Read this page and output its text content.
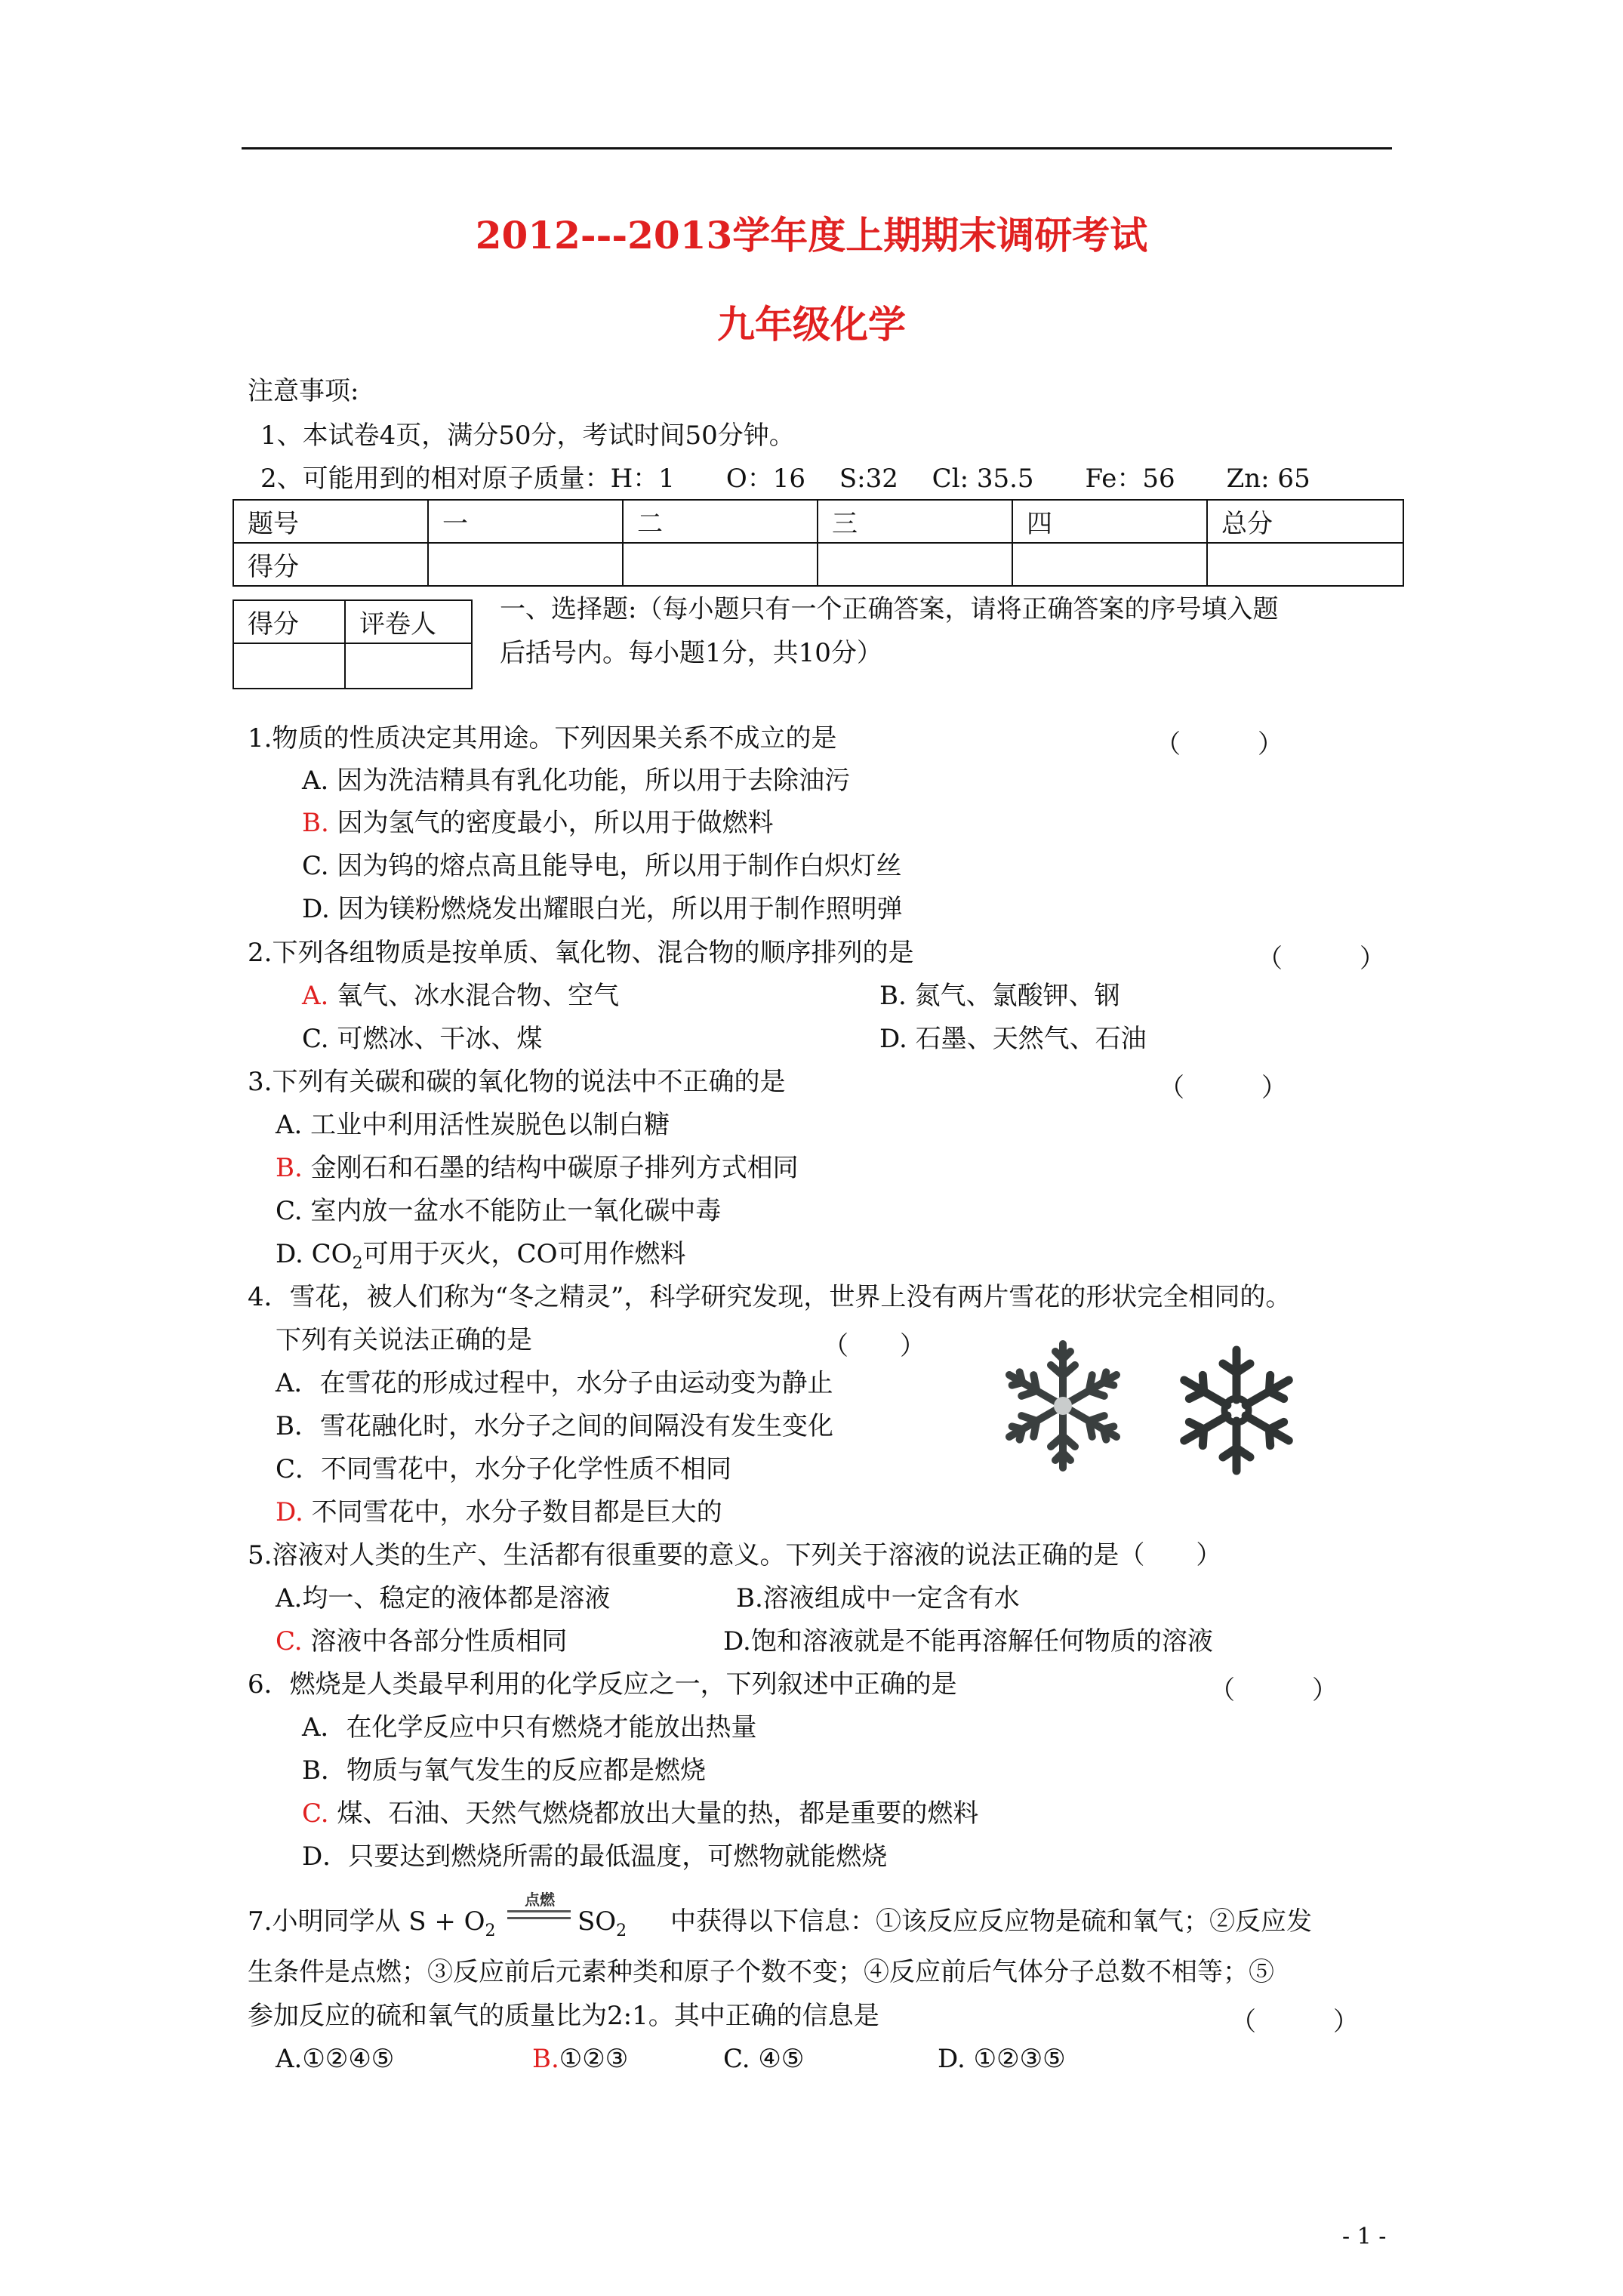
2012---2013学年度上期期末调研考试
九年级化学
注意事项:
1、本试卷4页，满分50分，考试时间50分钟。
2、可能用到的相对原子质量：H：1　　O：16　 S:32　 Cl: 35.5　　Fe：56　　Zn: 65
题号	一	二	三	四	总分
得分					
得分	评卷人
	一、选择题:（每小题只有一个正确答案，请将正确答案的序号填入题
后括号内。每小题1分，共10分）
1.物质的性质决定其用途。下列因果关系不成立的是	（　　　）
A. 因为洗洁精具有乳化功能，所以用于去除油污
B. 因为氢气的密度最小，所以用于做燃料
C. 因为钨的熔点高且能导电，所以用于制作白炽灯丝
D. 因为镁粉燃烧发出耀眼白光，所以用于制作照明弹
2.下列各组物质是按单质、氧化物、混合物的顺序排列的是	（　　　）
A. 氧气、冰水混合物、空气	B. 氮气、氯酸钾、钢
C. 可燃冰、干冰、煤	D. 石墨、天然气、石油
3.下列有关碳和碳的氧化物的说法中不正确的是	（　　　）
A. 工业中利用活性炭脱色以制白糖
B. 金刚石和石墨的结构中碳原子排列方式相同
C. 室内放一盆水不能防止一氧化碳中毒
D. $CO_2$可用于灭火，CO可用作燃料
4．雪花，被人们称为“冬之精灵”，科学研究发现，世界上没有两片雪花的形状完全相同的。
下列有关说法正确的是	（　　）
A．在雪花的形成过程中，水分子由运动变为静止
B．雪花融化时，水分子之间的间隔没有发生变化
C．不同雪花中，水分子化学性质不相同
D. 不同雪花中，水分子数目都是巨大的
5.溶液对人类的生产、生活都有很重要的意义。下列关于溶液的说法正确的是（　　）
A.均一、稳定的液体都是溶液	B.溶液组成中一定含有水
C. 溶液中各部分性质相同	D.饱和溶液就是不能再溶解任何物质的溶液
6．燃烧是人类最早利用的化学反应之一，下列叙述中正确的是	（　　　）
A．在化学反应中只有燃烧才能放出热量
B．物质与氧气发生的反应都是燃烧
C. 煤、石油、天然气燃烧都放出大量的热，都是重要的燃料
D．只要达到燃烧所需的最低温度，可燃物就能燃烧
7.小明同学从 $S + O_2$
点燃
$SO_2$ 中获得以下信息：①该反应反应物是硫和氧气；②反应发
生条件是点燃；③反应前后元素种类和原子个数不变；④反应前后气体分子总数不相等；⑤
参加反应的硫和氧气的质量比为2:1。其中正确的信息是	（　　　）
A.①②④⑤	B.①②③	C. ④⑤	D. ①②③⑤
- 1 -
